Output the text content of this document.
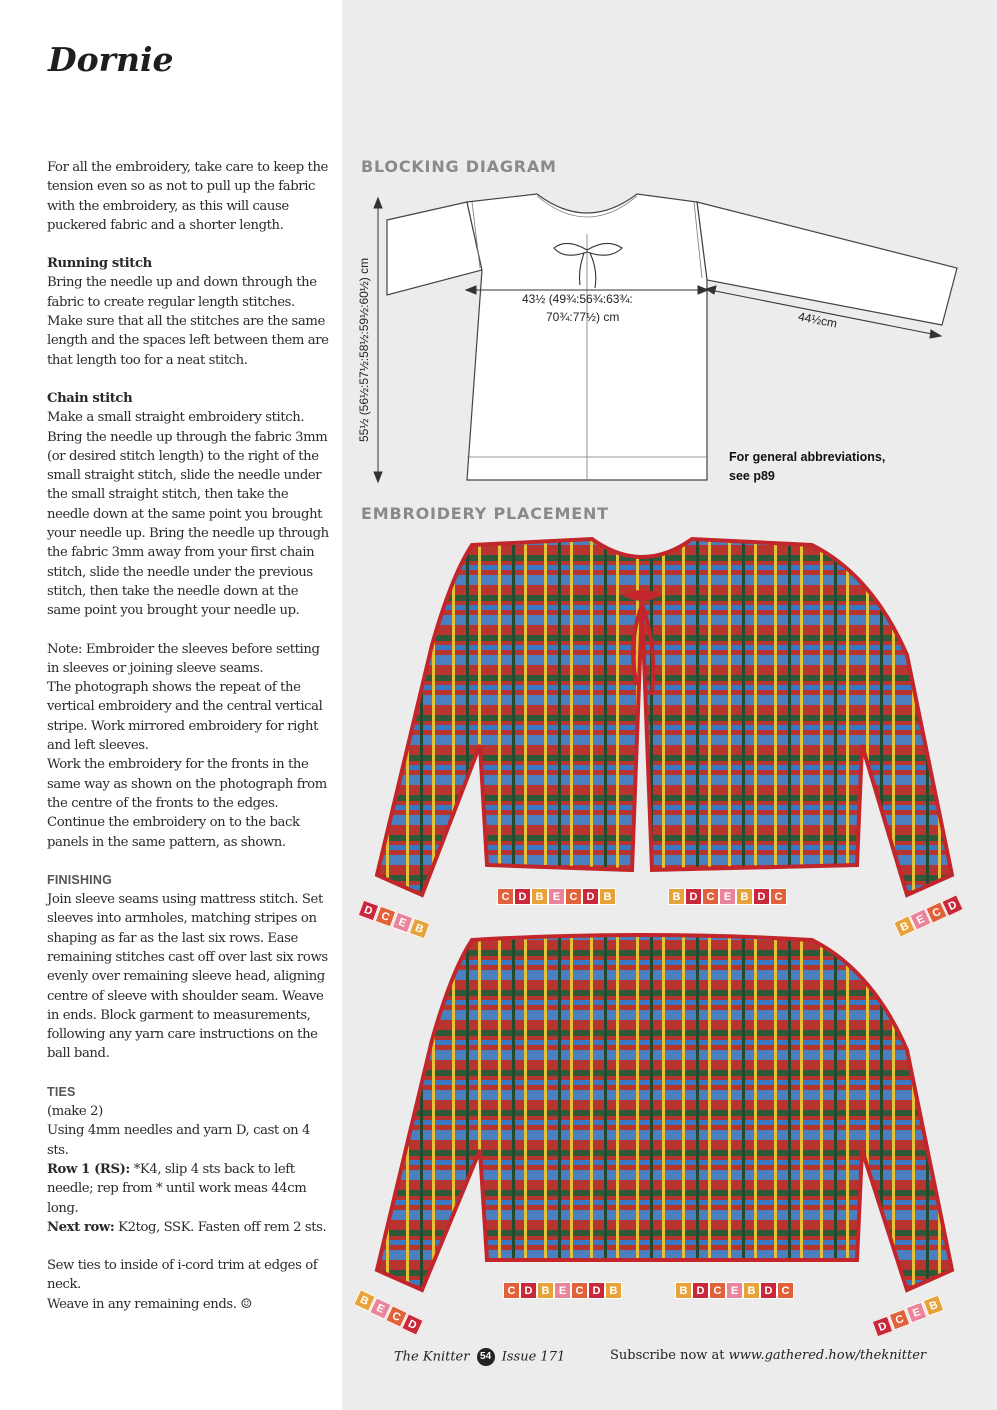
Dornie

For all the embroidery, take care to keep the tension even so as not to pull up the fabric with the embroidery, as this will cause puckered fabric and a shorter length.

Running stitch

Bring the needle up and down through the fabric to create regular length stitches. Make sure that all the stitches are the same length and the spaces left between them are that length too for a neat stitch.

Chain stitch

Make a small straight embroidery stitch. Bring the needle up through the fabric 3mm (or desired stitch length) to the right of the small straight stitch, slide the needle under the small straight stitch, then take the needle down at the same point you brought your needle up. Bring the needle up through the fabric 3mm away from your first chain stitch, slide the needle under the previous stitch, then take the needle down at the same point you brought your needle up.

Note: Embroider the sleeves before setting in sleeves or joining sleeve seams.

The photograph shows the repeat of the vertical embroidery and the central vertical stripe. Work mirrored embroidery for right and left sleeves.

Work the embroidery for the fronts in the same way as shown on the photograph from the centre of the fronts to the edges. Continue the embroidery on to the back panels in the same pattern, as shown.

FINISHING

Join sleeve seams using mattress stitch. Set sleeves into armholes, matching stripes on shaping as far as the last six rows. Ease remaining stitches cast off over last six rows evenly over remaining sleeve head, aligning centre of sleeve with shoulder seam. Weave in ends. Block garment to measurements, following any yarn care instructions on the ball band.

TIES

(make 2)

Using 4mm needles and yarn D, cast on 4 sts.

Row 1 (RS): *K4, slip 4 sts back to left needle; rep from * until work meas 44cm long.

Next row: K2tog, SSK. Fasten off rem 2 sts.

Sew ties to inside of i-cord trim at edges of neck.

Weave in any remaining ends. ☺

BLOCKING DIAGRAM
43½ (49¾:56¾:63¾:
70¾:77½) cm	44½cm
55½ (56½:57½:58½:59½:60½) cm
For general abbreviations, see p89
EMBROIDERY PLACEMENT
D C E B
C D B E C D B	B D C E B D C
B E C D
B
E
C
D
C D B E C D B	B D C E B D C
D
C
E B
The Knitter 54 Issue 171	Subscribe now at www.gathered.how/theknitter
